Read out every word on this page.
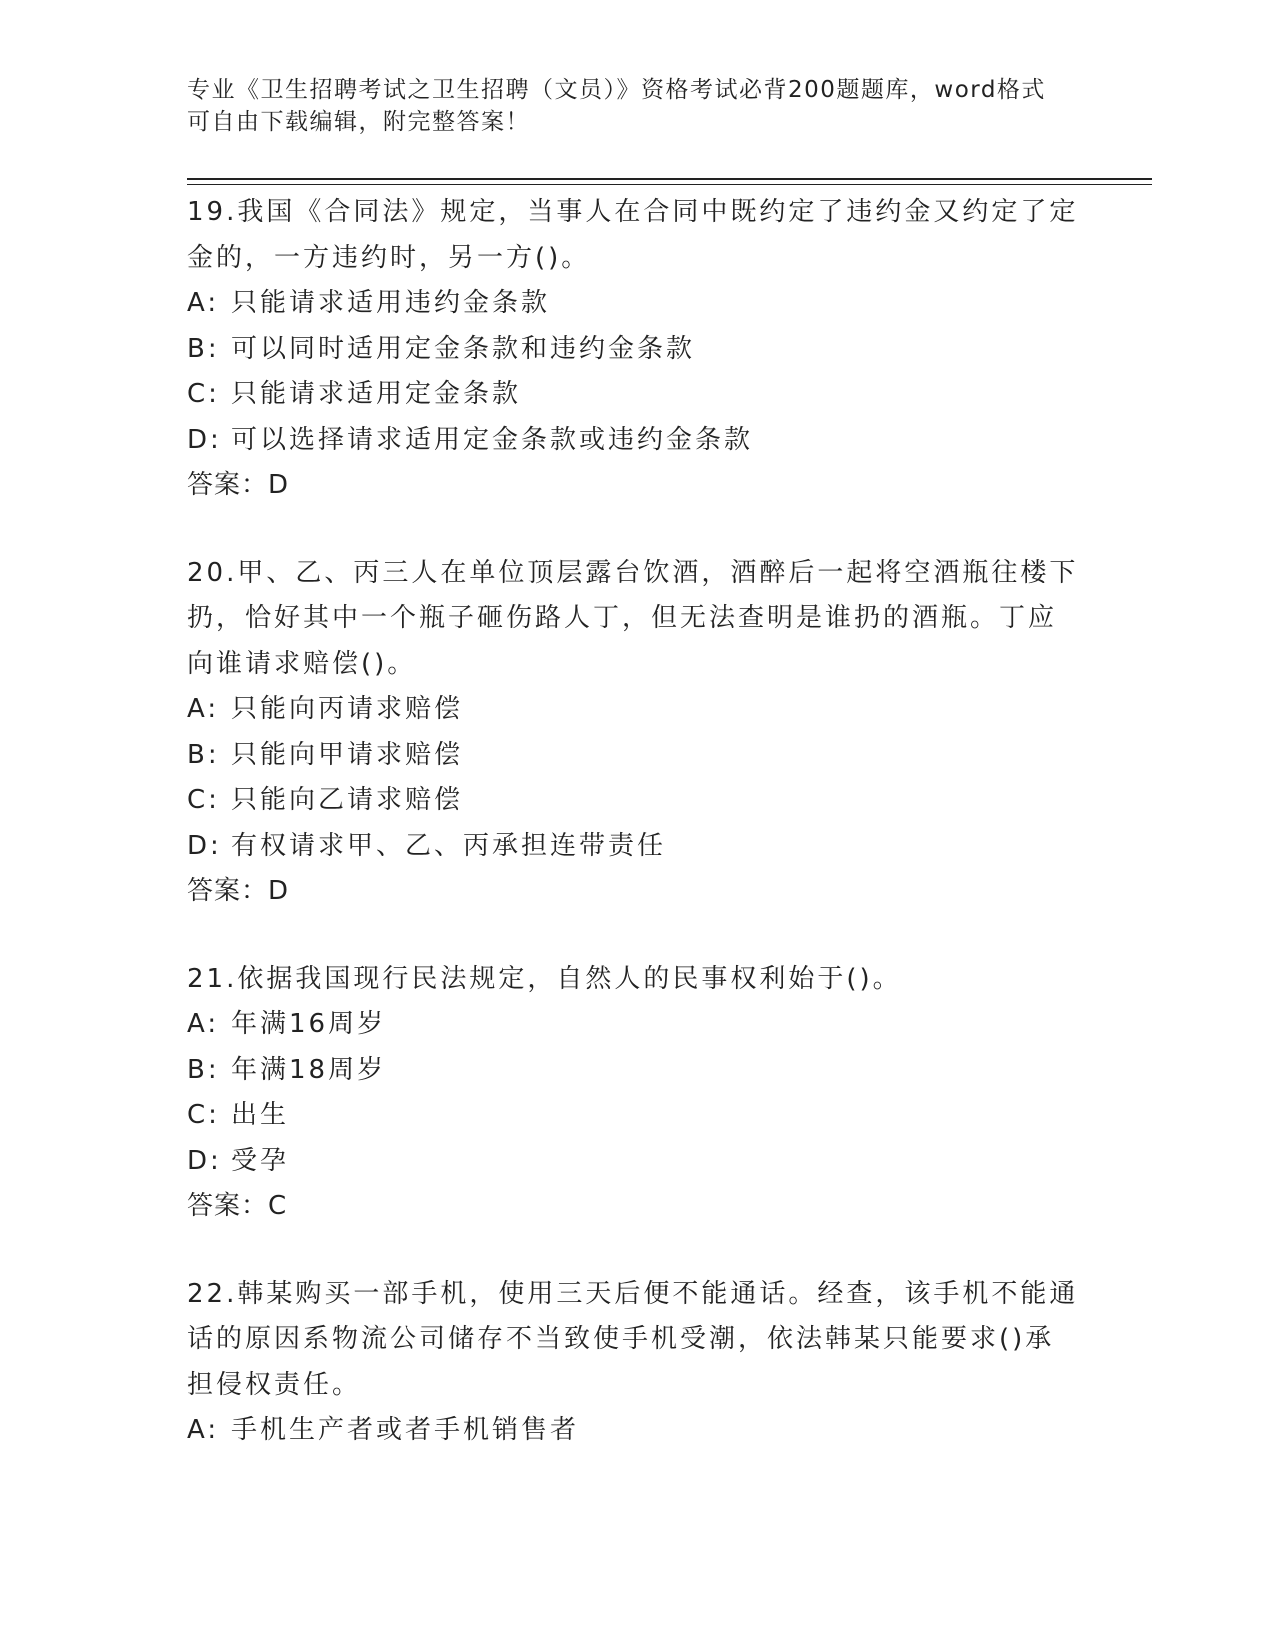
专业《卫生招聘考试之卫生招聘（文员）》资格考试必背200题题库，word格式
可自由下载编辑，附完整答案！
19.我国《合同法》规定，当事人在合同中既约定了违约金又约定了定
金的，一方违约时，另一方()。
A: 只能请求适用违约金条款
B: 可以同时适用定金条款和违约金条款
C: 只能请求适用定金条款
D: 可以选择请求适用定金条款或违约金条款
答案：D
20.甲、乙、丙三人在单位顶层露台饮酒，酒醉后一起将空酒瓶往楼下
扔，恰好其中一个瓶子砸伤路人丁，但无法查明是谁扔的酒瓶。丁应
向谁请求赔偿()。
A: 只能向丙请求赔偿
B: 只能向甲请求赔偿
C: 只能向乙请求赔偿
D: 有权请求甲、乙、丙承担连带责任
答案：D
21.依据我国现行民法规定，自然人的民事权利始于()。
A: 年满16周岁
B: 年满18周岁
C: 出生
D: 受孕
答案：C
22.韩某购买一部手机，使用三天后便不能通话。经查，该手机不能通
话的原因系物流公司储存不当致使手机受潮，依法韩某只能要求()承
担侵权责任。
A: 手机生产者或者手机销售者
